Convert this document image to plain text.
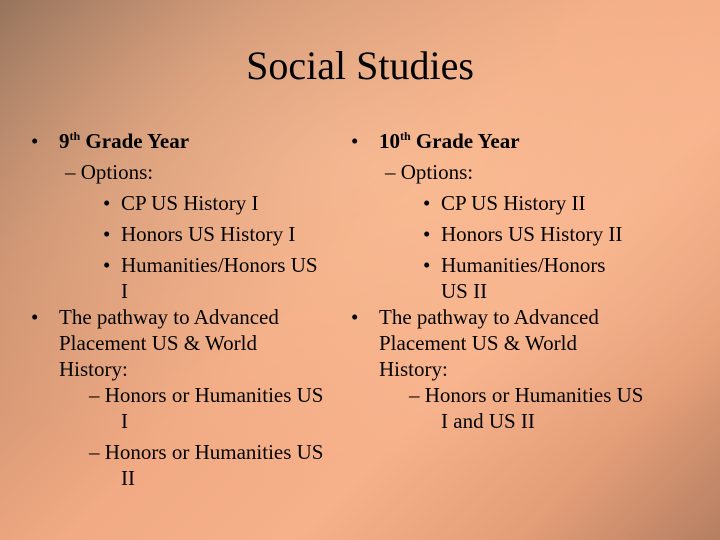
Social Studies
• 9th Grade Year
– Options:
• CP US History I
• Honors US History I
• Humanities/Honors US
I
• The pathway to Advanced
Placement US & World
History:
– Honors or Humanities US
I
– Honors or Humanities US
II
• 10th Grade Year
– Options:
• CP US History II
• Honors US History II
• Humanities/Honors
US II
• The pathway to Advanced
Placement US & World
History:
– Honors or Humanities US
I and US II
